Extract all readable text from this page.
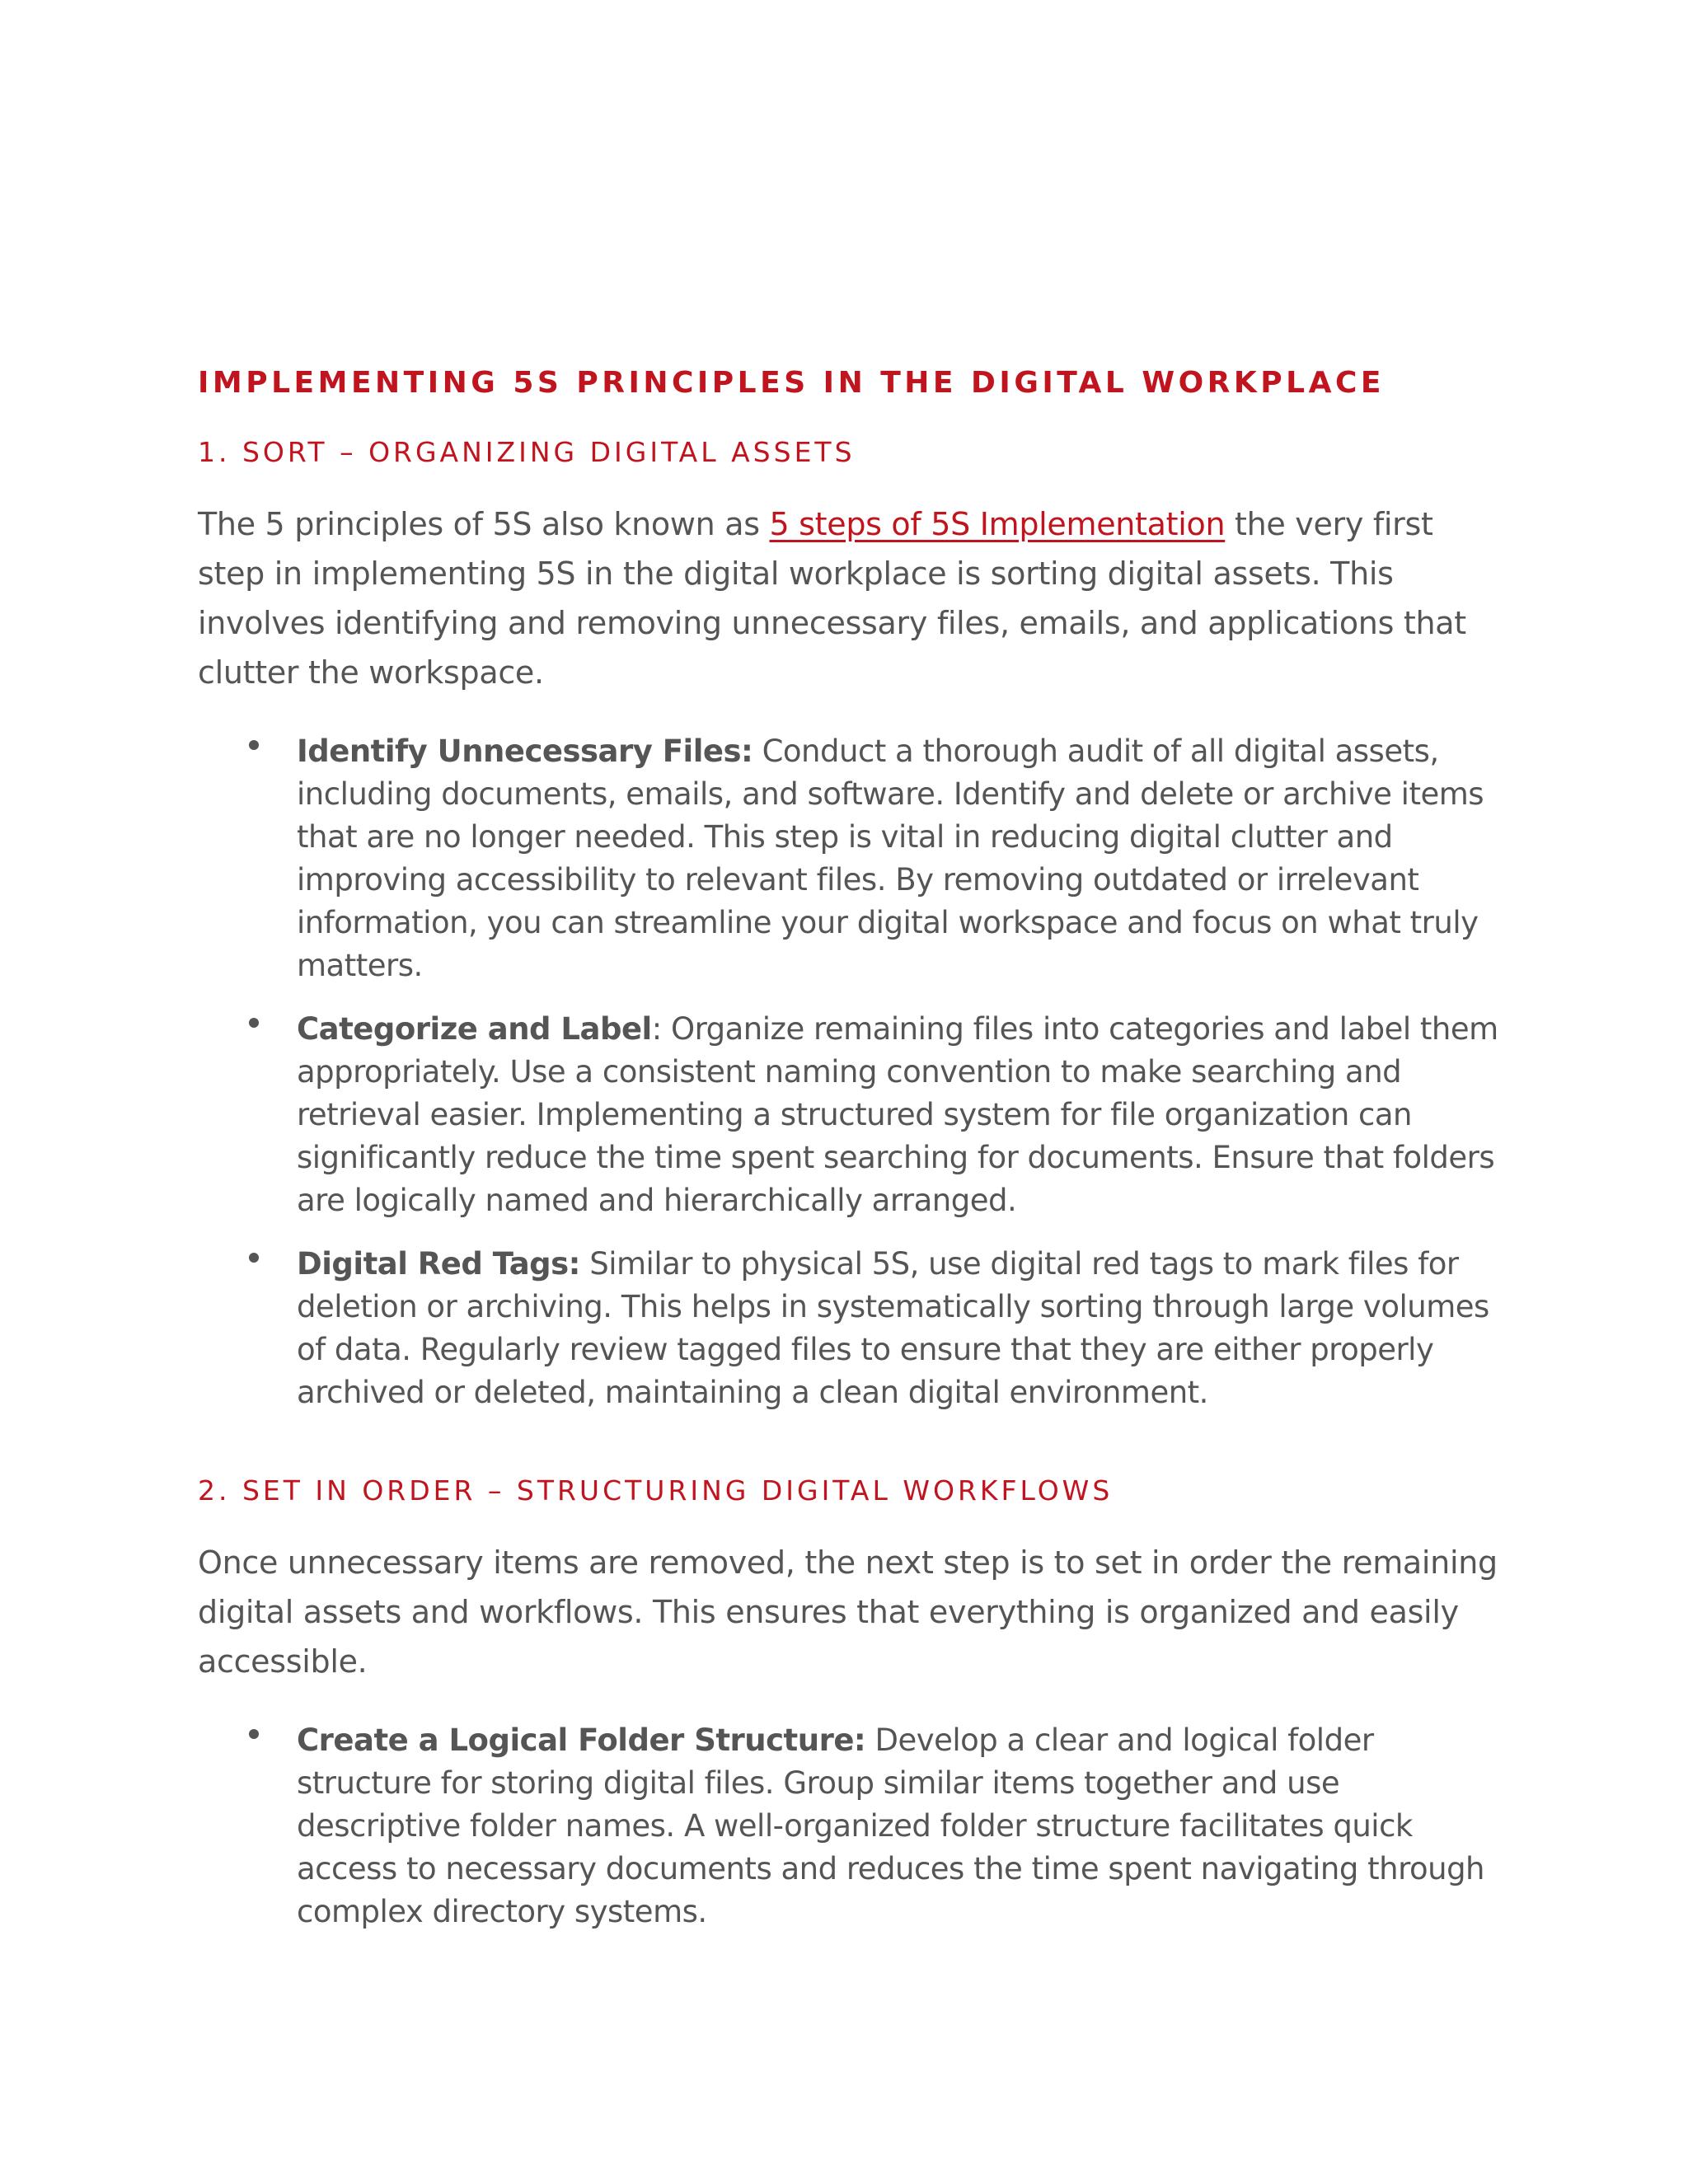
IMPLEMENTING 5S PRINCIPLES IN THE DIGITAL WORKPLACE
1. SORT – ORGANIZING DIGITAL ASSETS

The 5 principles of 5S also known as 5 steps of 5S Implementation the very first step in implementing 5S in the digital workplace is sorting digital assets. This involves identifying and removing unnecessary files, emails, and applications that clutter the workspace.

Identify Unnecessary Files: Conduct a thorough audit of all digital assets, including documents, emails, and software. Identify and delete or archive items that are no longer needed. This step is vital in reducing digital clutter and improving accessibility to relevant files. By removing outdated or irrelevant information, you can streamline your digital workspace and focus on what truly matters.
Categorize and Label: Organize remaining files into categories and label them appropriately. Use a consistent naming convention to make searching and retrieval easier. Implementing a structured system for file organization can significantly reduce the time spent searching for documents. Ensure that folders are logically named and hierarchically arranged.
Digital Red Tags: Similar to physical 5S, use digital red tags to mark files for deletion or archiving. This helps in systematically sorting through large volumes of data. Regularly review tagged files to ensure that they are either properly archived or deleted, maintaining a clean digital environment.
2. SET IN ORDER – STRUCTURING DIGITAL WORKFLOWS

Once unnecessary items are removed, the next step is to set in order the remaining digital assets and workflows. This ensures that everything is organized and easily accessible.

Create a Logical Folder Structure: Develop a clear and logical folder structure for storing digital files. Group similar items together and use descriptive folder names. A well-organized folder structure facilitates quick access to necessary documents and reduces the time spent navigating through complex directory systems.
